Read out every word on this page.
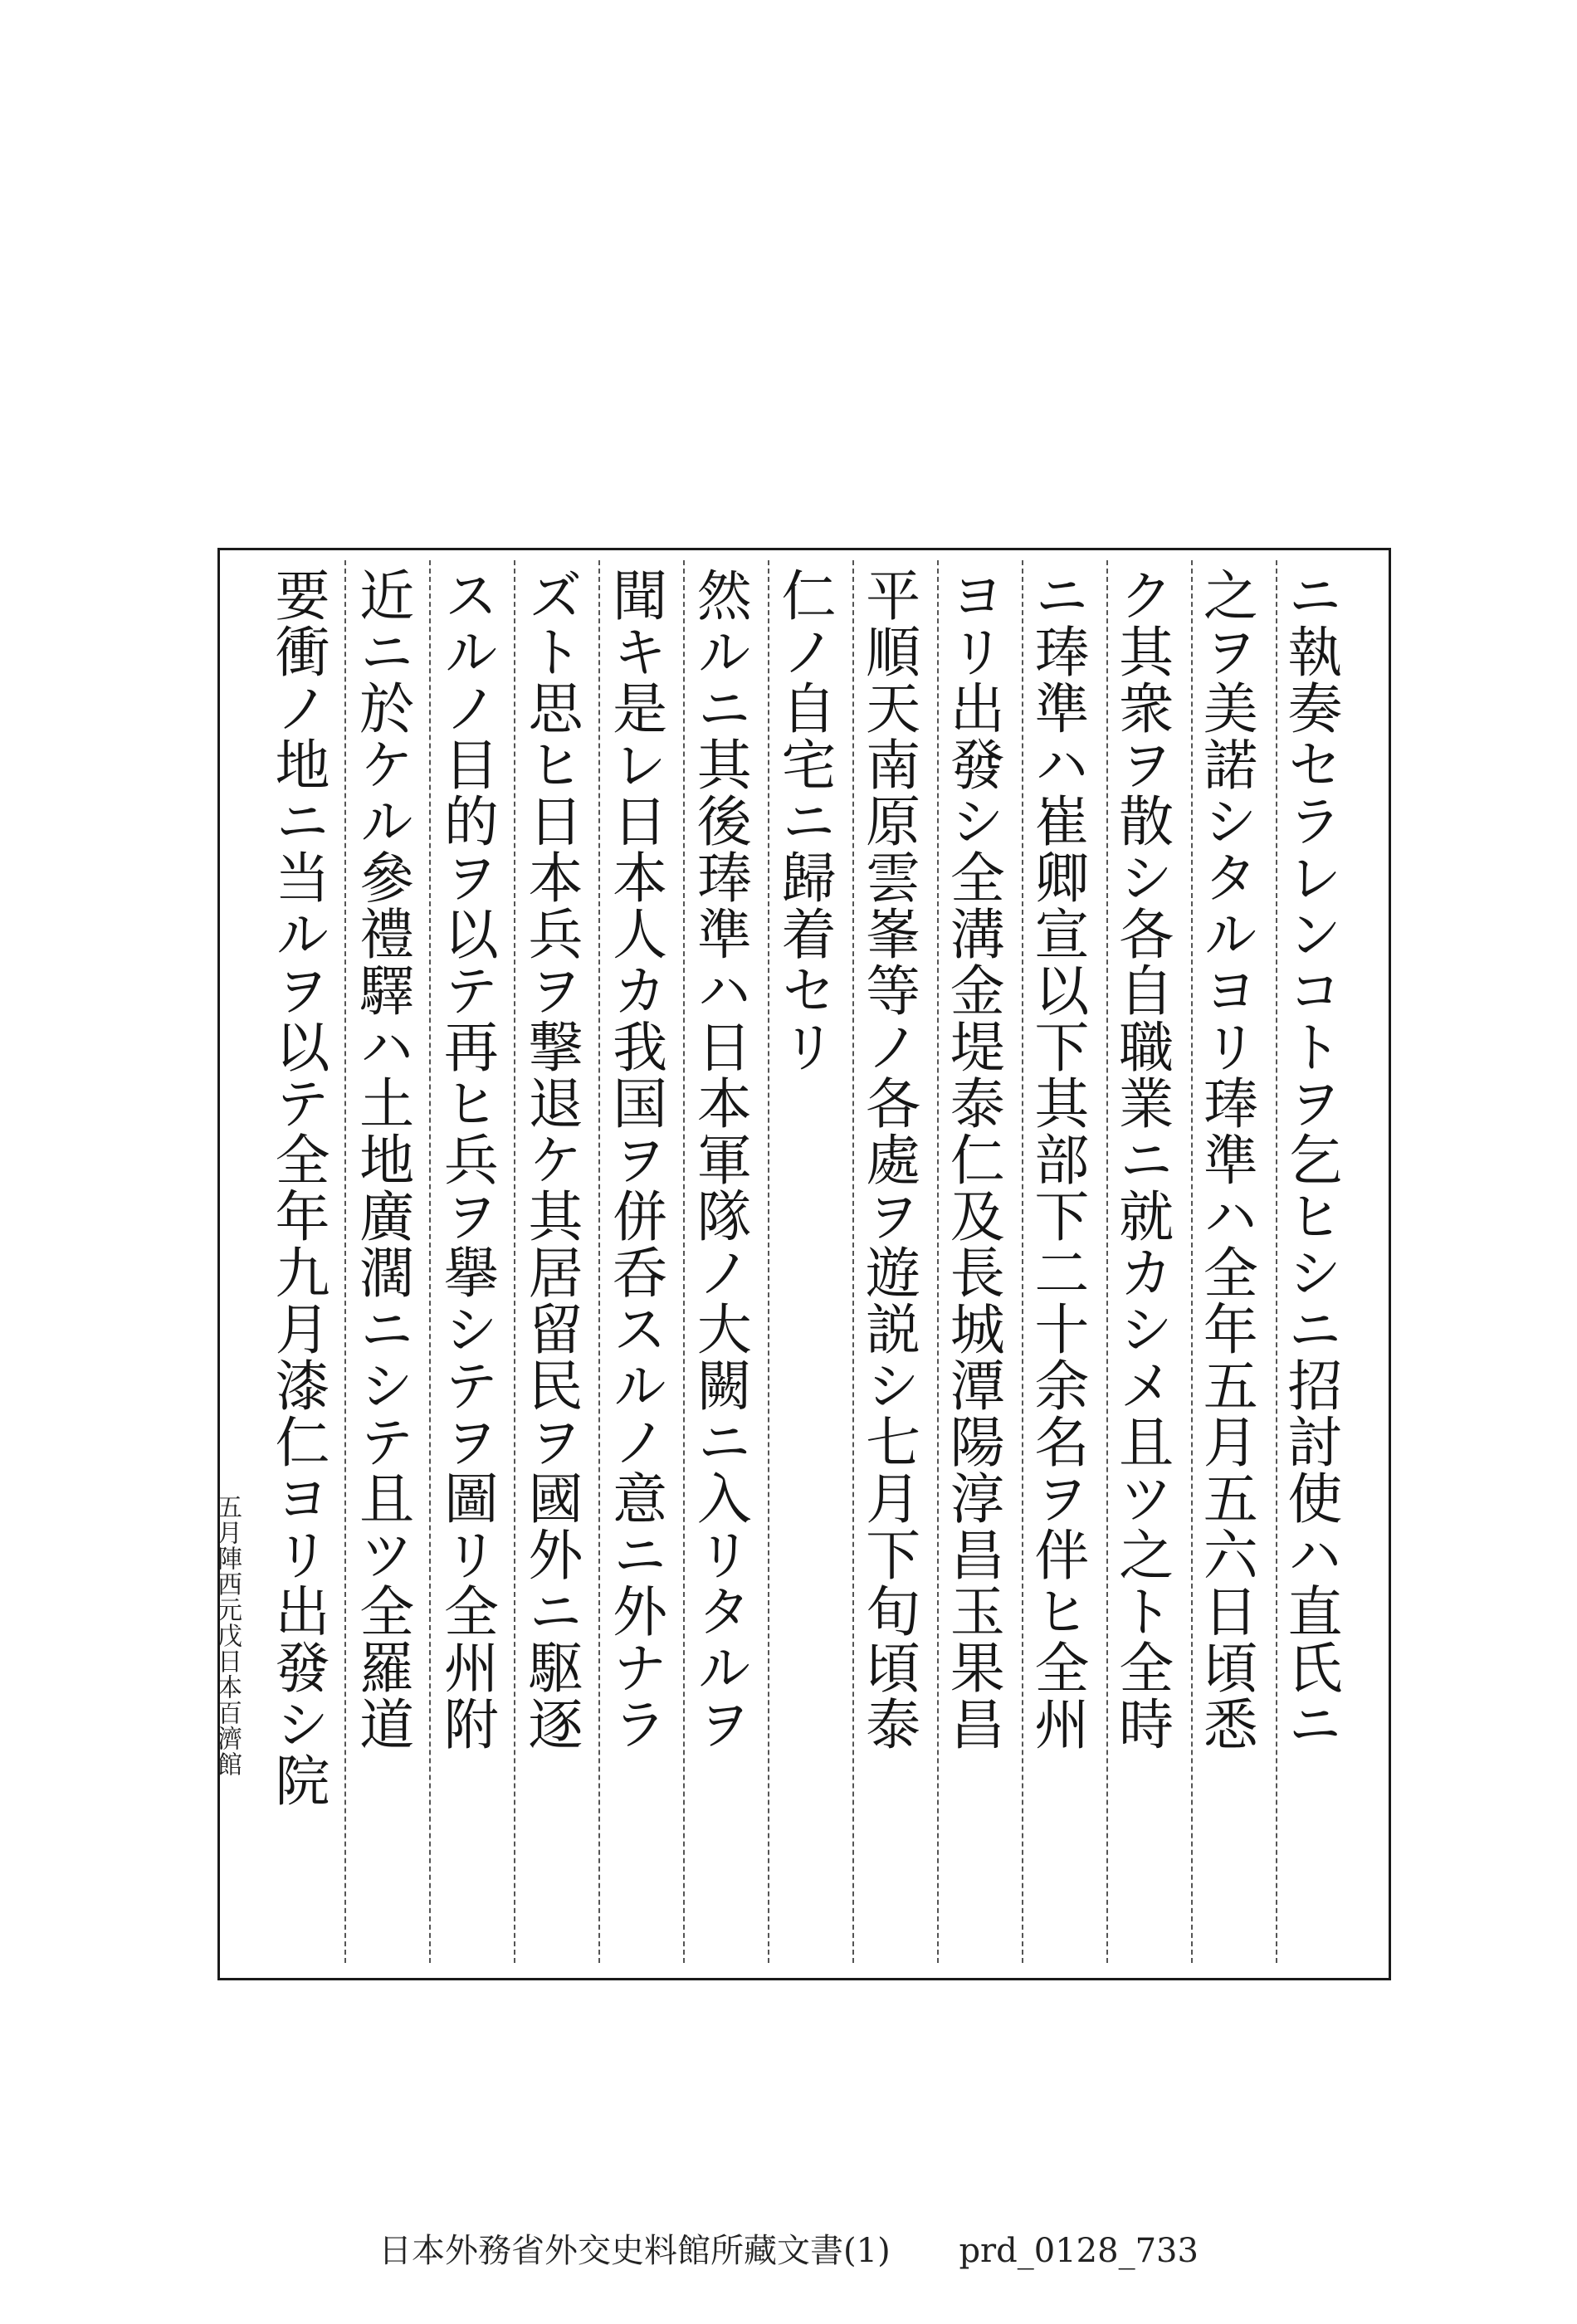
ニ執奏セラレンコトヲ乞ヒシニ招討使ハ直氏ニ
之ヲ美諾シタルヨリ琫準ハ全年五月五六日頃悉
ク其衆ヲ散シ各自職業ニ就カシメ且ツ之ト全時
ニ琫準ハ崔卿宣以下其部下二十余名ヲ伴ヒ全州
ヨリ出發シ全溝金堤泰仁及長城潭陽淳昌玉果昌
平順天南原雲峯等ノ各處ヲ遊説シ七月下旬頃泰
仁ノ自宅ニ歸着セリ
然ルニ其後琫準ハ日本軍隊ノ大闕ニ入リタルヲ
聞キ是レ日本人カ我国ヲ併呑スルノ意ニ外ナラ
ズト思ヒ日本兵ヲ撃退ケ其居留民ヲ國外ニ駆逐
スルノ目的ヲ以テ再ヒ兵ヲ擧シテヲ圖リ全州附
近ニ於ケル參禮驛ハ土地廣濶ニシテ且ツ全羅道
要衝ノ地ニ当ルヲ以テ全年九月漆仁ヨリ出發シ院
五月陣西元戊日本百濟館
日本外務省外交史料館所藏文書(1) prd_0128_733
